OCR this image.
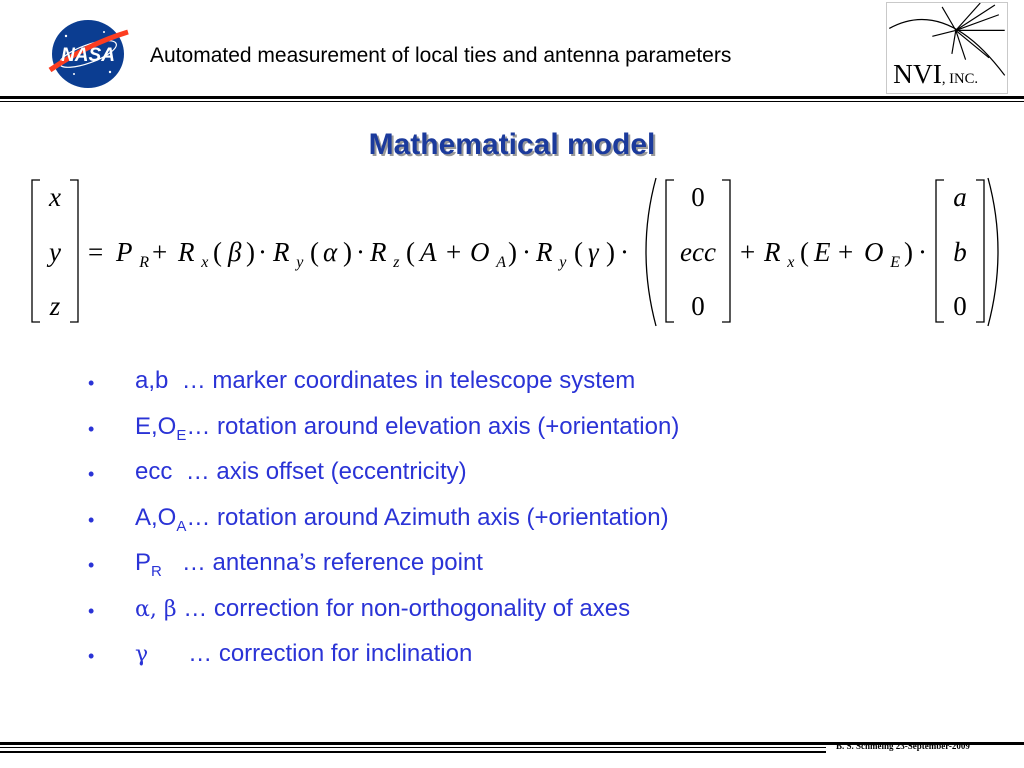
NASA Automated measurement of local ties and antenna parameters
NVI, INC.
Mathematical model
x
y
z
= P $_R$ + R $_x$ ( β ) · R $_y$ ( α ) · R $_z$ ( A + O $_A$ ) · R $_y$ ( γ ) ·
0
ecc
0
+ R $_x$ ( E + O $_E$ ) ·
a
b
0
• a,b  … marker coordinates in telescope system
• $E,O_E\dots$ rotation around elevation axis (+orientation)
• ecc  … axis offset (eccentricity)
• $A,O_A\dots$ rotation around Azimuth axis (+orientation)
• $P_R$   … antenna’s reference point
• α, β … correction for non-orthogonality of axes
• γ      … correction for inclination
B. S. Schmeing 23-September-2009
